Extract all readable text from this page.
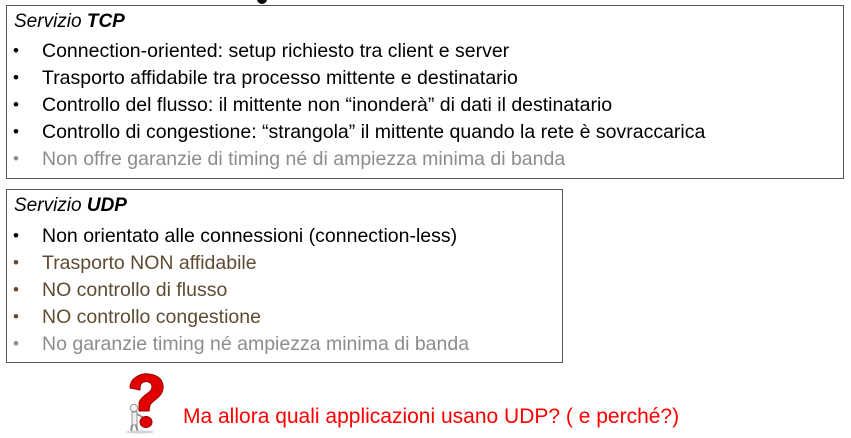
Servizio TCP
• Connection-oriented: setup richiesto tra client e server
• Trasporto affidabile tra processo mittente e destinatario
• Controllo del flusso: il mittente non “inonderà” di dati il destinatario
• Controllo di congestione: “strangola” il mittente quando la rete è sovraccarica
• Non offre garanzie di timing né di ampiezza minima di banda
Servizio UDP
• Non orientato alle connessioni (connection-less)
• Trasporto NON affidabile
• NO controllo di flusso
• NO controllo congestione
• No garanzie timing né ampiezza minima di banda
Ma allora quali applicazioni usano UDP? ( e perché?)
